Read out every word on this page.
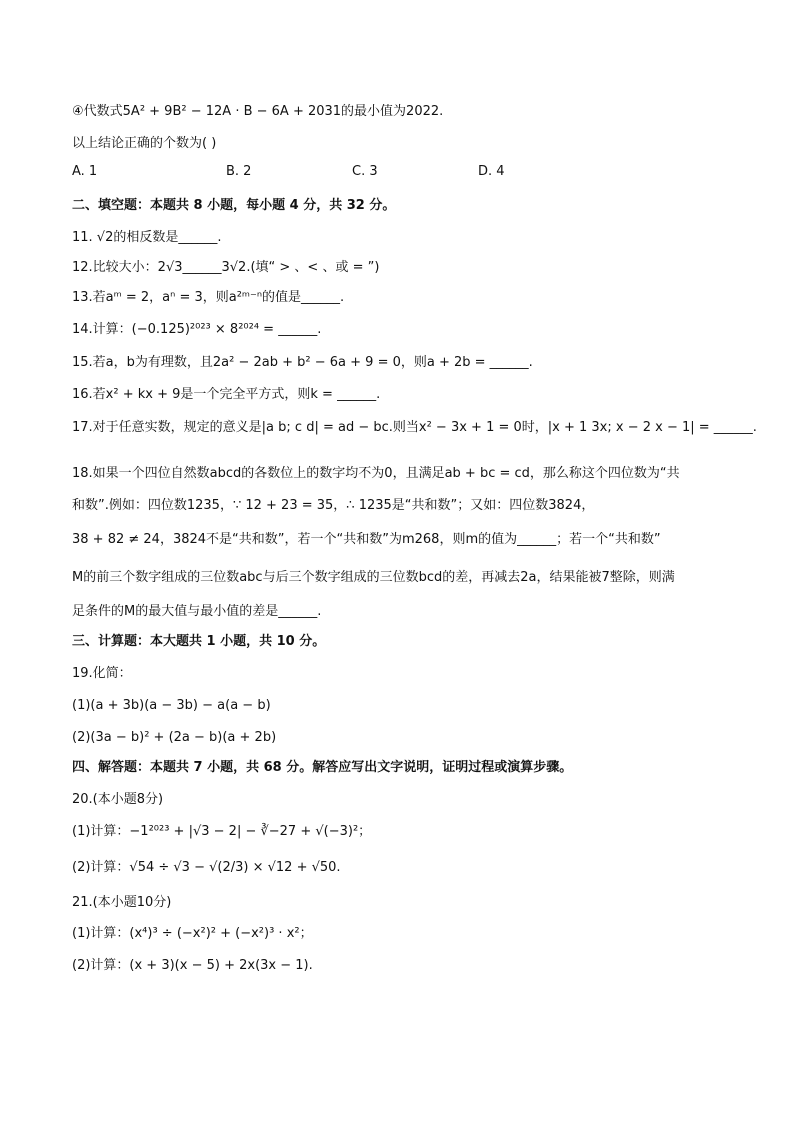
④代数式5A² + 9B² − 12A · B − 6A + 2031的最小值为2022.
以上结论正确的个数为( )
A. 1	B. 2	C. 3	D. 4
二、填空题：本题共 8 小题，每小题 4 分，共 32 分。
11. √2的相反数是______.
12.比较大小：2√3______3√2.(填“ > 、< 、或 = ”)
13.若aᵐ = 2，aⁿ = 3，则a²ᵐ⁻ⁿ的值是______.
14.计算：(−0.125)²⁰²³ × 8²⁰²⁴ = ______.
15.若a，b为有理数，且2a² − 2ab + b² − 6a + 9 = 0，则a + 2b = ______.
16.若x² + kx + 9是一个完全平方式，则k = ______.
17.对于任意实数，规定的意义是|a b; c d| = ad − bc.则当x² − 3x + 1 = 0时，|x + 1 3x; x − 2 x − 1| = ______.
18.如果一个四位自然数abcd的各数位上的数字均不为0，且满足ab + bc = cd，那么称这个四位数为“共
和数”.例如：四位数1235，∵ 12 + 23 = 35，∴ 1235是“共和数”；又如：四位数3824，
38 + 82 ≠ 24，3824不是“共和数”，若一个“共和数”为m268，则m的值为______；若一个“共和数”
M的前三个数字组成的三位数abc与后三个数字组成的三位数bcd的差，再减去2a，结果能被7整除，则满
足条件的M的最大值与最小值的差是______.
三、计算题：本大题共 1 小题，共 10 分。
19.化简：
(1)(a + 3b)(a − 3b) − a(a − b)
(2)(3a − b)² + (2a − b)(a + 2b)
四、解答题：本题共 7 小题，共 68 分。解答应写出文字说明，证明过程或演算步骤。
20.(本小题8分)
(1)计算：−1²⁰²³ + |√3 − 2| − ∛−27 + √(−3)²；
(2)计算：√54 ÷ √3 − √(2/3) × √12 + √50.
21.(本小题10分)
(1)计算：(x⁴)³ ÷ (−x²)² + (−x²)³ · x²；
(2)计算：(x + 3)(x − 5) + 2x(3x − 1).
